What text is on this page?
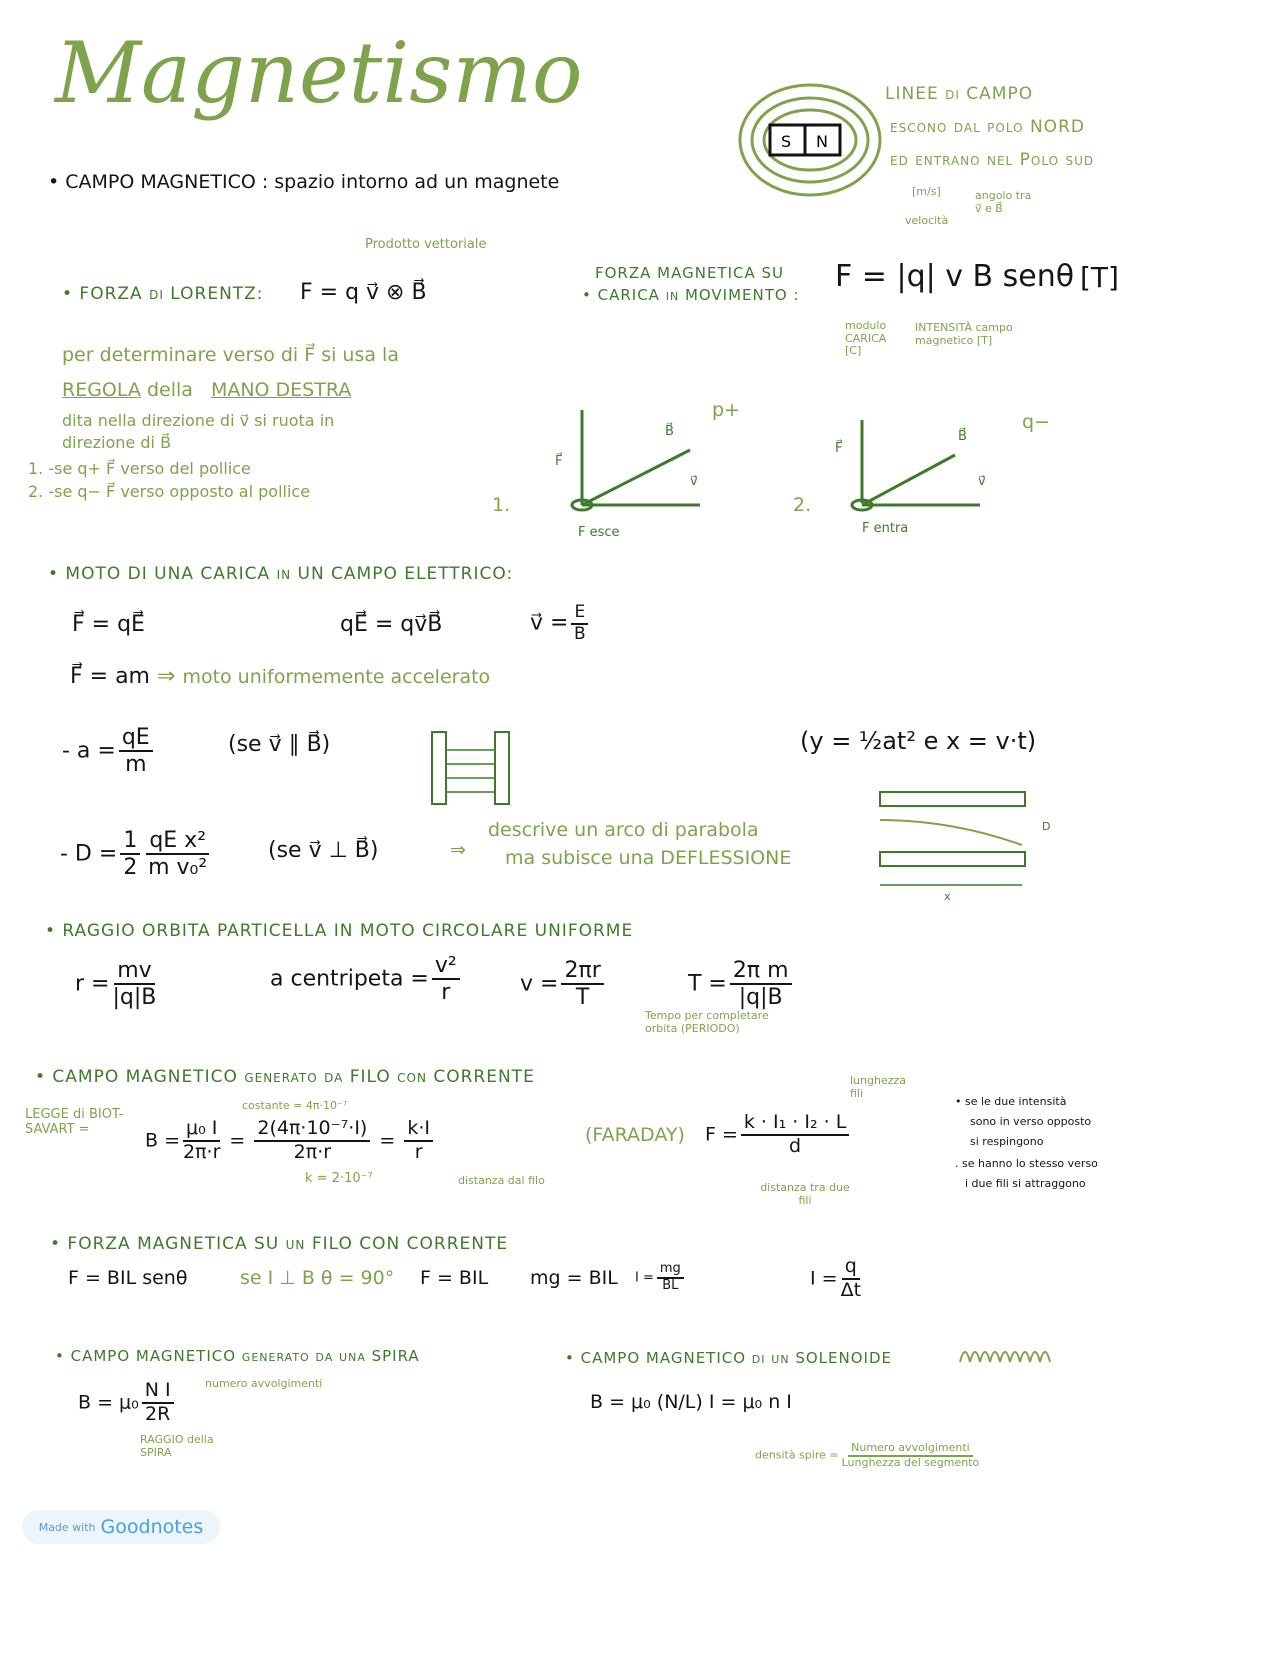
Magnetismo
• CAMPO MAGNETICO : spazio intorno ad un magnete
S N
LINEE di CAMPO
escono dal polo NORD
ed entrano nel Polo sud
[m/s]
velocità
angolo tra v⃗ e B⃗
• FORZA di LORENTZ: F = q v⃗ ⊗ B⃗
Prodotto vettoriale
FORZA MAGNETICA SU
• CARICA in MOVIMENTO :
F = |q| v B senθ [T]
modulo CARICA [C]
INTENSITÀ campo magnetico [T]
per determinare verso di F⃗ si usa la
REGOLA della MANO DESTRA
dita nella direzione di v⃗ si ruota in
direzione di B⃗
1. -se q+ F⃗ verso del pollice
2. -se q− F⃗ verso opposto al pollice
F⃗
B⃗
v⃗
p+
1.
F esce
F⃗
B⃗
v⃗
q−
2.
F entra
• MOTO DI UNA CARICA in UN CAMPO ELETTRICO:
F⃗ = qE⃗	qE⃗ = qv⃗B⃗	v⃗ = $\frac{E}{B}$
F⃗ = am ⇒ moto uniformemente accelerato
- $a = \frac{qE}{m}$	(se v⃗ ∥ B⃗)	(y = ½at² e x = v·t)
- $D = \frac{1}{2} \frac{\text{qE x²}}{\text{m v₀²}}$	(se v⃗ ⊥ B⃗)	⇒
descrive un arco di parabola
ma subisce una DEFLESSIONE
x
D
• RAGGIO ORBITA PARTICELLA IN MOTO CIRCOLARE UNIFORME
$r = \frac{mv}{|q|B}$	a centripeta = $\frac{\text{v²}}{r}$	$v = \frac{2\pi r}{T}$	$T = \frac{\text{2π m}}{|q|B}$
Tempo per completare orbita (PERIODO)
• CAMPO MAGNETICO generato da FILO con CORRENTE
LEGGE di BIOT-SAVART =	$B = \frac{\text{μ₀ I}}{2\pi\cdot r} = \frac{\text{2(4π·10⁻⁷·I)}}{2\pi\cdot r} = \frac{k\cdot I}{r}$
costante = 4π·10⁻⁷
k = 2·10⁻⁷	distanza dal filo
(FARADAY) $F = \frac{\text{k · I₁ · I₂ · L}}{d}$
lunghezza fili
distanza tra due fili
• se le due intensità
sono in verso opposto
si respingono
. se hanno lo stesso verso
i due fili si attraggono
• FORZA MAGNETICA SU un FILO CON CORRENTE
F = BIL senθ	se I ⊥ B θ = 90° F = BIL mg = BIL $I = \frac{mg}{BL}$	$I = \frac{q}{\Delta t}$
• CAMPO MAGNETICO generato da una SPIRA
$B = \mu_0 \frac{\text{N I}}{2R}$	numero avvolgimenti
RAGGIO della SPIRA
• CAMPO MAGNETICO di un SOLENOIDE
B = μ₀ (N/L) I = μ₀ n I
densità spire =
Numero avvolgimenti
Lunghezza del segmento
Made with Goodnotes
